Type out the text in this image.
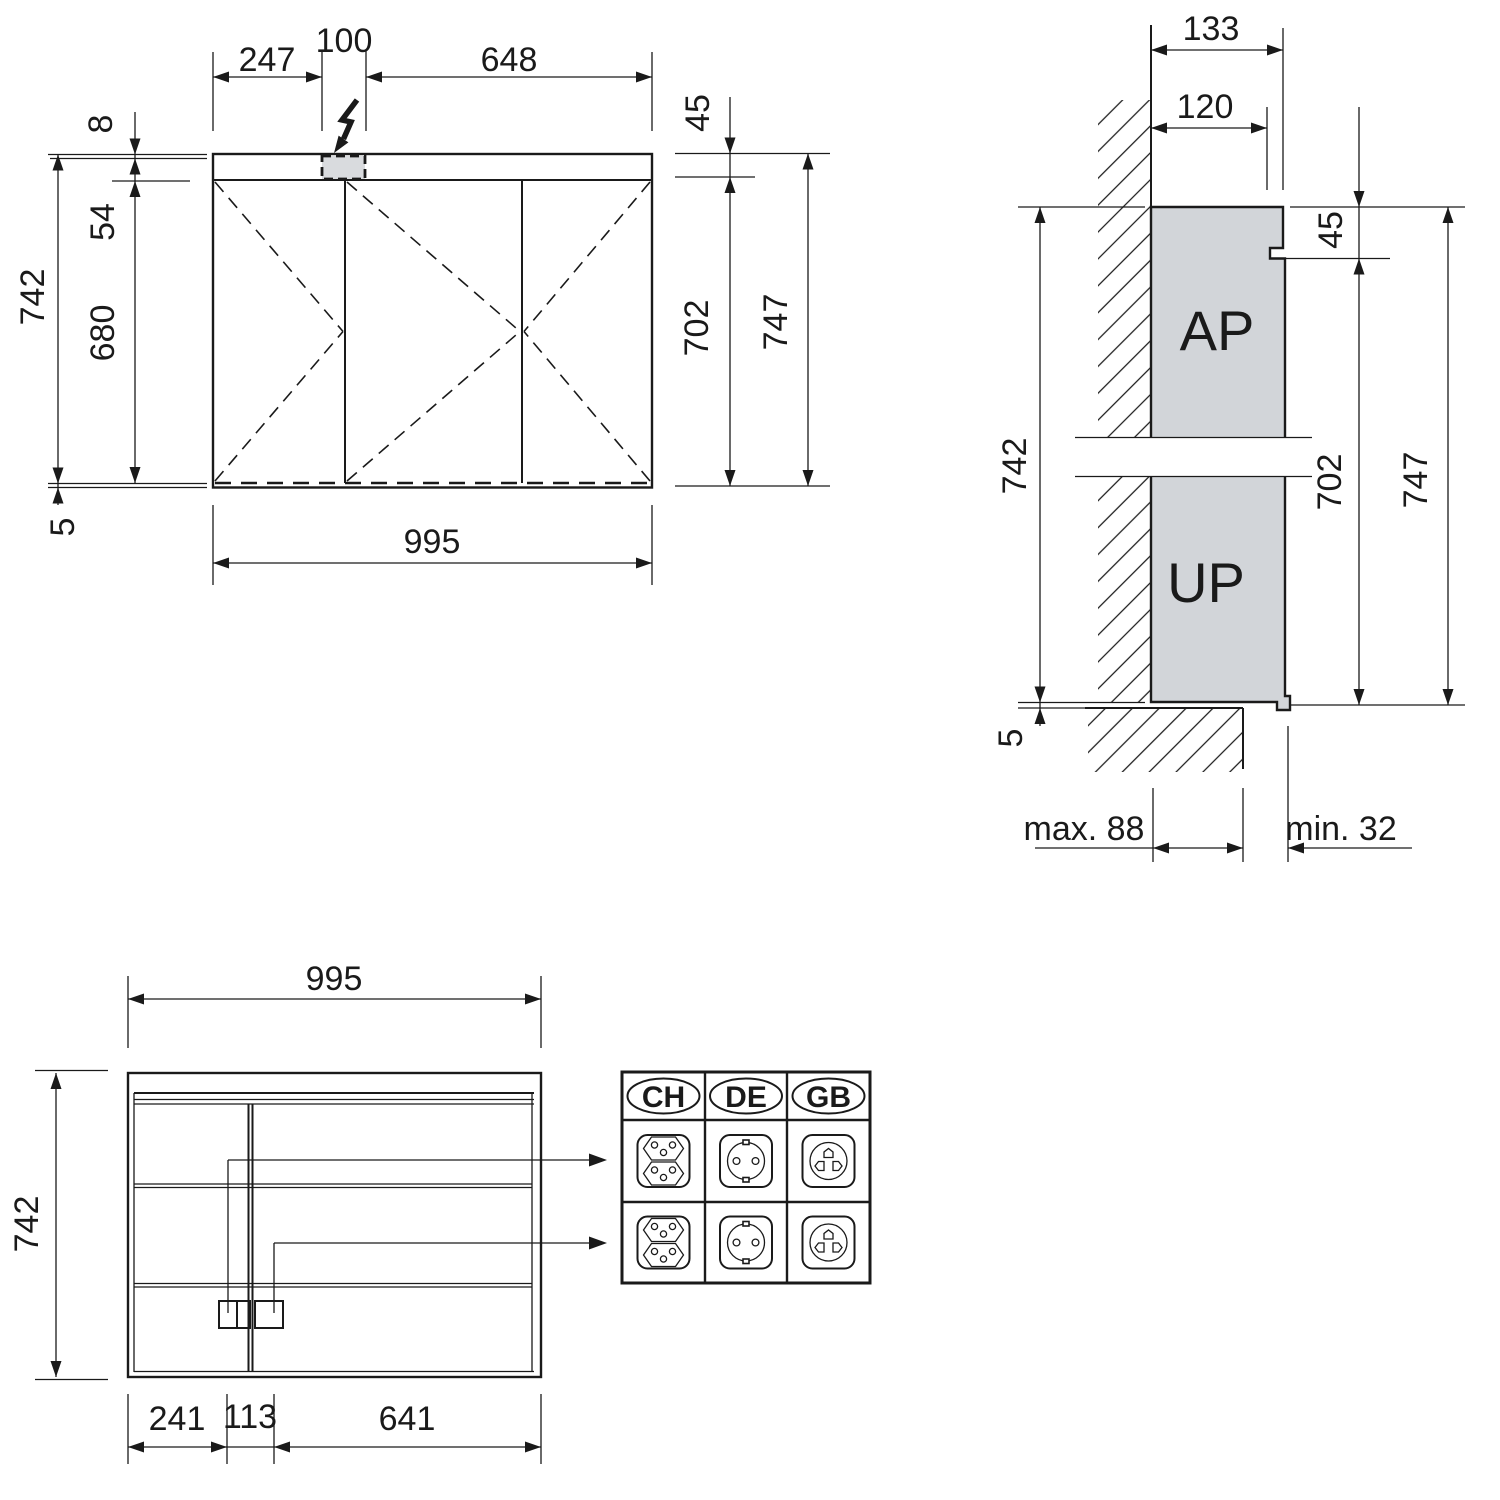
247 100	648
8
54
680
742
5
45
702 747
995
AP
UP
133
120
45
702 747
742
5
max. 88	min. 32
995
742
241 113	641
CH DE GB
